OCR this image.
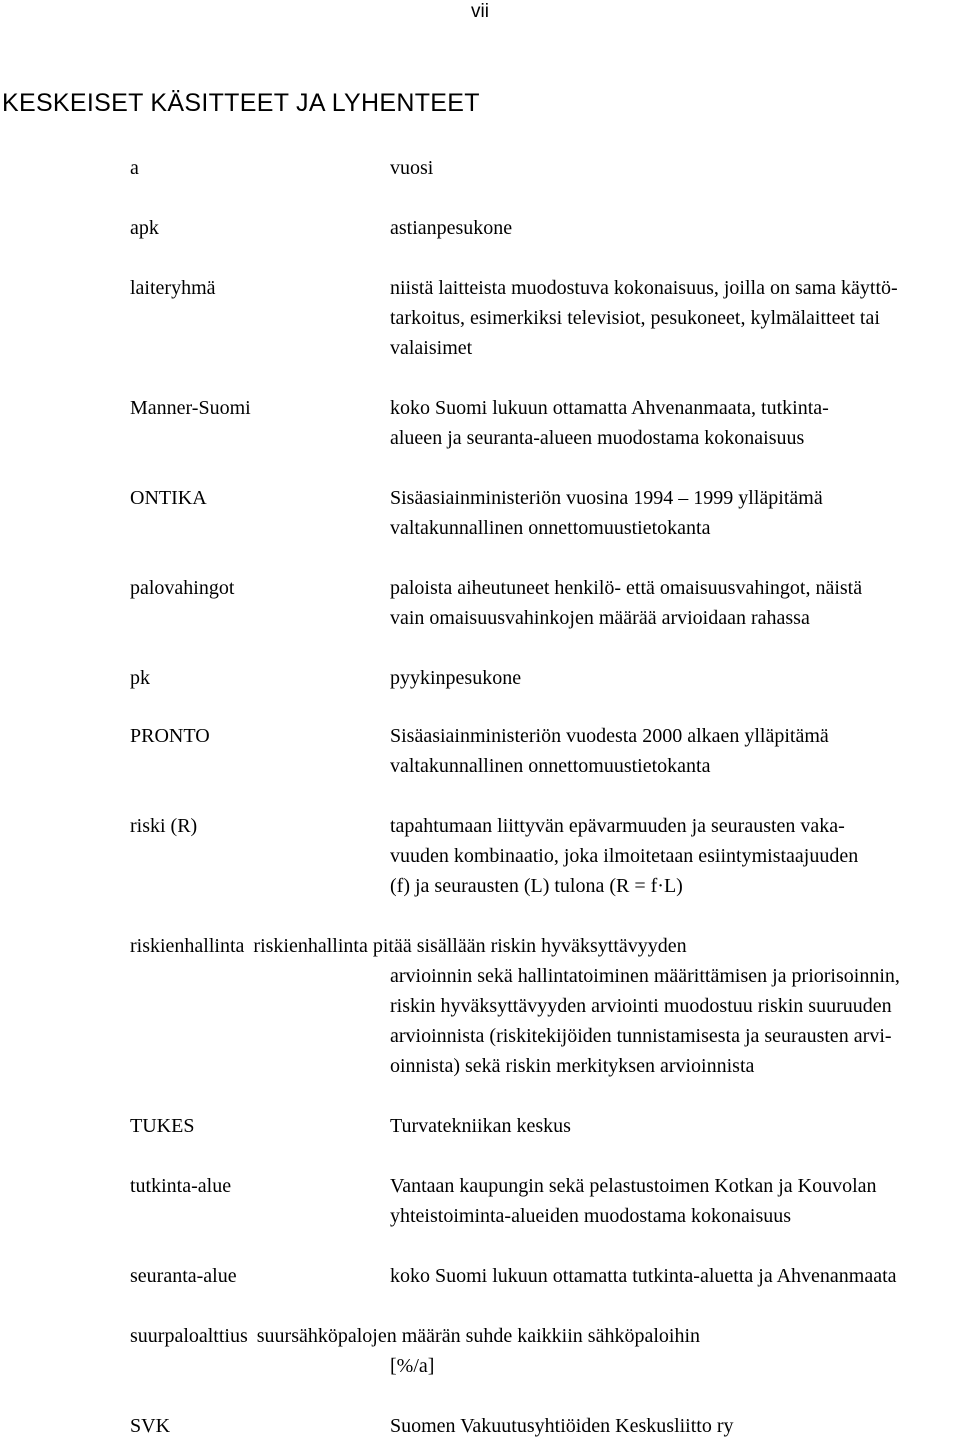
vii
KESKEISET KÄSITTEET JA LYHENTEET
a	vuosi
apk	astianpesukone
laiteryhmä	niistä laitteista muodostuva kokonaisuus, joilla on sama käyttö-
tarkoitus, esimerkiksi televisiot, pesukoneet, kylmälaitteet tai
valaisimet
Manner-Suomi	koko Suomi lukuun ottamatta Ahvenanmaata, tutkinta-
alueen ja seuranta-alueen muodostama kokonaisuus
ONTIKA	Sisäasiainministeriön vuosina 1994 – 1999 ylläpitämä
valtakunnallinen onnettomuustietokanta
palovahingot	paloista aiheutuneet henkilö- että omaisuusvahingot, näistä
vain omaisuusvahinkojen määrää arvioidaan rahassa
pk	pyykinpesukone
PRONTO	Sisäasiainministeriön vuodesta 2000 alkaen ylläpitämä
valtakunnallinen onnettomuustietokanta
riski (R)	tapahtumaan liittyvän epävarmuuden ja seurausten vaka-
vuuden kombinaatio, joka ilmoitetaan esiintymistaajuuden
(f) ja seurausten (L) tulona (R = f·L)
riskienhallinta riskienhallinta pitää sisällään riskin hyväksyttävyyden
arvioinnin sekä hallintatoiminen määrittämisen ja priorisoinnin,
riskin hyväksyttävyyden arviointi muodostuu riskin suuruuden
arvioinnista (riskitekijöiden tunnistamisesta ja seurausten arvi-
oinnista) sekä riskin merkityksen arvioinnista
TUKES	Turvatekniikan keskus
tutkinta-alue	Vantaan kaupungin sekä pelastustoimen Kotkan ja Kouvolan
yhteistoiminta-alueiden muodostama kokonaisuus
seuranta-alue	koko Suomi lukuun ottamatta tutkinta-aluetta ja Ahvenanmaata
suurpaloalttius suursähköpalojen määrän suhde kaikkiin sähköpaloihin
[%/a]
SVK	Suomen Vakuutusyhtiöiden Keskusliitto ry
